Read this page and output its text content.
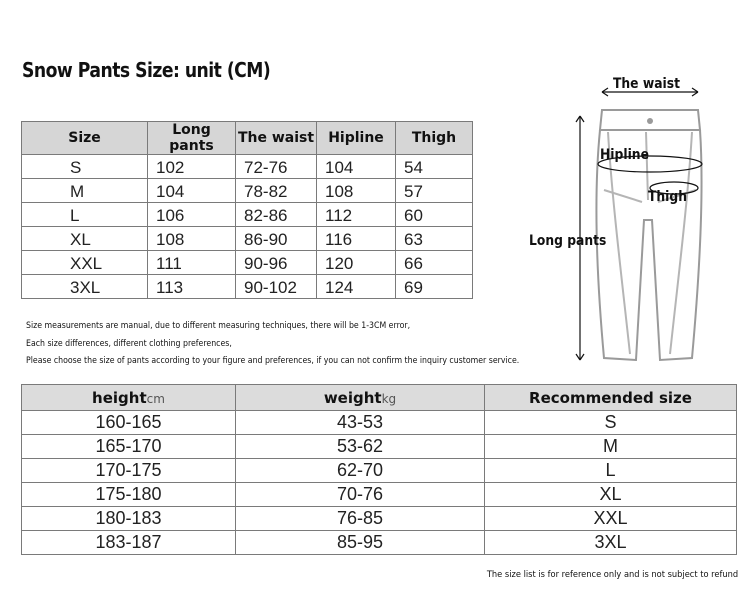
Snow Pants Size: unit (CM)
Size	Long pants	The waist	Hipline	Thigh
S	102	72-76	104	54
M	104	78-82	108	57
L	106	82-86	112	60
XL	108	86-90	116	63
XXL	111	90-96	120	66
3XL	113	90-102	124	69
Size measurements are manual, due to different measuring techniques, there will be 1-3CM error,
Each size differences, different clothing preferences,
Please choose the size of pants according to your figure and preferences, if you can not confirm the inquiry customer service.
The waist
Hipline
Thigh
Long pants
heightcm	weightkg	Recommended size
160-165	43-53	S
165-170	53-62	M
170-175	62-70	L
175-180	70-76	XL
180-183	76-85	XXL
183-187	85-95	3XL
The size list is for reference only and is not subject to refund
